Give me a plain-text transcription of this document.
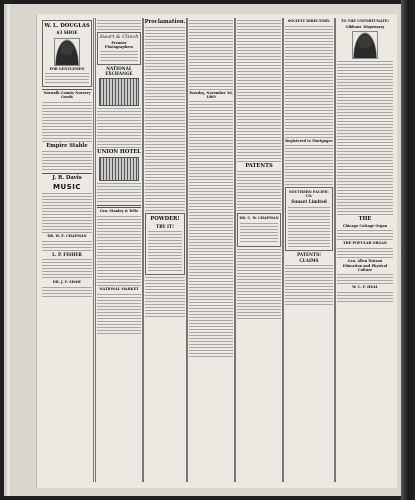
W. L. DOUGLAS
$3 SHOE
FOR GENTLEMEN
Norwalk County Nursery Goods
Empire Stable
J. R. Davis
MUSIC
DR. W. E. CHAPMAN
L. P. FISHER
DR. J. F. SHAW
Swart & Clinch
Premier Photographers
NATIONAL EXCHANGE
UNION HOTEL
Geo. Stanley & Tefts
NATIONAL MARKET
Proclamation.
POWDER!
TRY IT!
Tuesday, November 26, 1889
PATENTS
DR. C. W. CHAPMAN
SOCIETY DIRECTORY.
Registered to Mortgagee
SOUTHERN PACIFIC CO.
Sunset Limited
PATENTS!
CLAIMS
TO THE UNFORTUNATE!
Gibbons' Dispensary
THE
Chicago Cottage Organ
THE POPULAR ORGAN
Geo. Allen Watson
Education and Physical Culture
W. C. F. HEAL
